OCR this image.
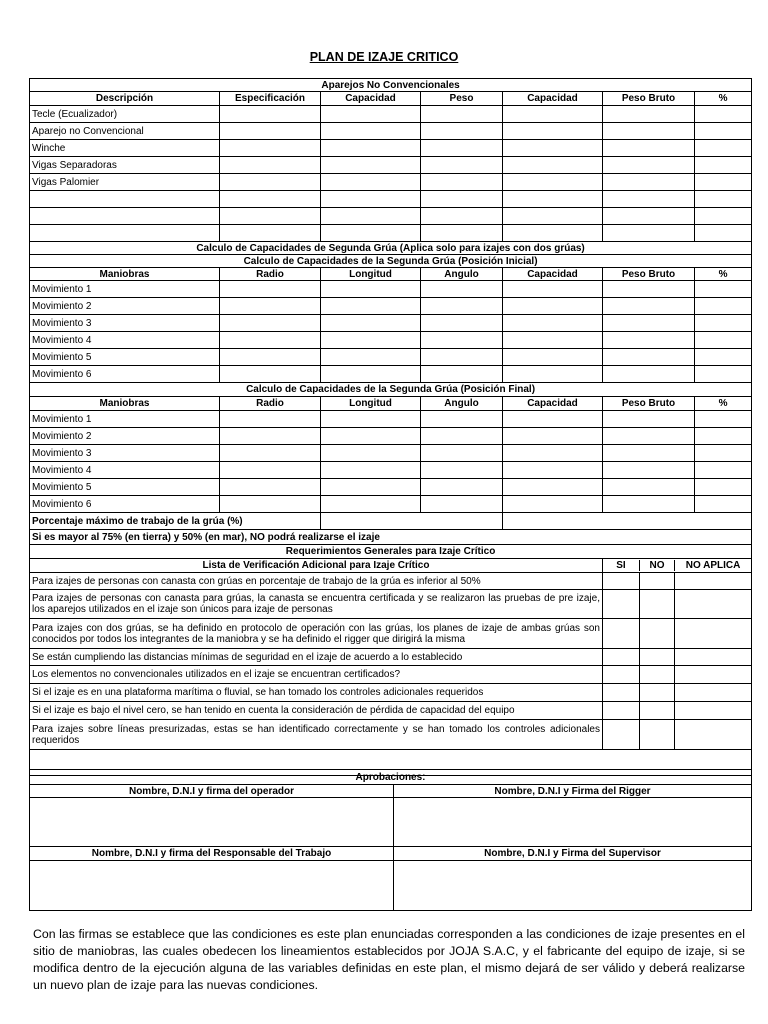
PLAN DE IZAJE CRITICO
Aparejos No Convencionales
Descripción	Especificación	Capacidad	Peso	Capacidad	Peso Bruto	%
Tecle (Ecualizador)						
Aparejo no Convencional						
Winche						
Vigas Separadoras						
Vigas Palomier						

Calculo de Capacidades de Segunda Grúa (Aplica solo para izajes con dos grúas)
Calculo de Capacidades de la Segunda Grúa (Posición Inicial)
Maniobras	Radio	Longitud	Angulo	Capacidad	Peso Bruto	%
Movimiento 1						
Movimiento 2						
Movimiento 3						
Movimiento 4						
Movimiento 5						
Movimiento 6						
Calculo de Capacidades de la Segunda Grúa (Posición Final)
Maniobras	Radio	Longitud	Angulo	Capacidad	Peso Bruto	%
Movimiento 1						
Movimiento 2						
Movimiento 3						
Movimiento 4						
Movimiento 5						
Movimiento 6						
Porcentaje máximo de trabajo de la grúa (%)		
Si es mayor al 75% (en tierra) y 50% (en mar), NO podrá realizarse el izaje
Requerimientos Generales para Izaje Crítico
Lista de Verificación Adicional para Izaje Crítico		SI	NO	NO APLICA

Para izajes de personas con canasta con grúas en porcentaje de trabajo de la grúa es inferior al 50%	

Para izajes de personas con canasta para grúas, la canasta se encuentra certificada y se realizaron las pruebas de pre izaje, los aparejos utilizados en el izaje son únicos para izaje de personas	

Para izajes con dos grúas, se ha definido en protocolo de operación con las grúas, los planes de izaje de ambas grúas son conocidos por todos los integrantes de la maniobra y se ha definido el rigger que dirigirá la misma	

Se están cumpliendo las distancias mínimas de seguridad en el izaje de acuerdo a lo establecido	

Los elementos no convencionales utilizados en el izaje se encuentran certificados?	

Si el izaje es en una plataforma marítima o fluvial, se han tomado los controles adicionales requeridos	

Si el izaje es bajo el nivel cero, se han tenido en cuenta la consideración de pérdida de capacidad del equipo	

Para izajes sobre líneas presurizadas, estas se han identificado correctamente y se han tomado los controles adicionales requeridos	

Aprobaciones:	
Nombre, D.N.I y firma del operador	Nombre, D.N.I y Firma del Rigger

Nombre, D.N.I y firma del Responsable del Trabajo	Nombre, D.N.I y Firma del Supervisor

Con las firmas se establece que las condiciones es este plan enunciadas corresponden a las condiciones de izaje presentes en el sitio de maniobras, las cuales obedecen los lineamientos establecidos por JOJA S.A.C, y el fabricante del equipo de izaje, si se modifica dentro de la ejecución alguna de las variables definidas en este plan, el mismo dejará de ser válido y deberá realizarse un nuevo plan de izaje para las nuevas condiciones.
